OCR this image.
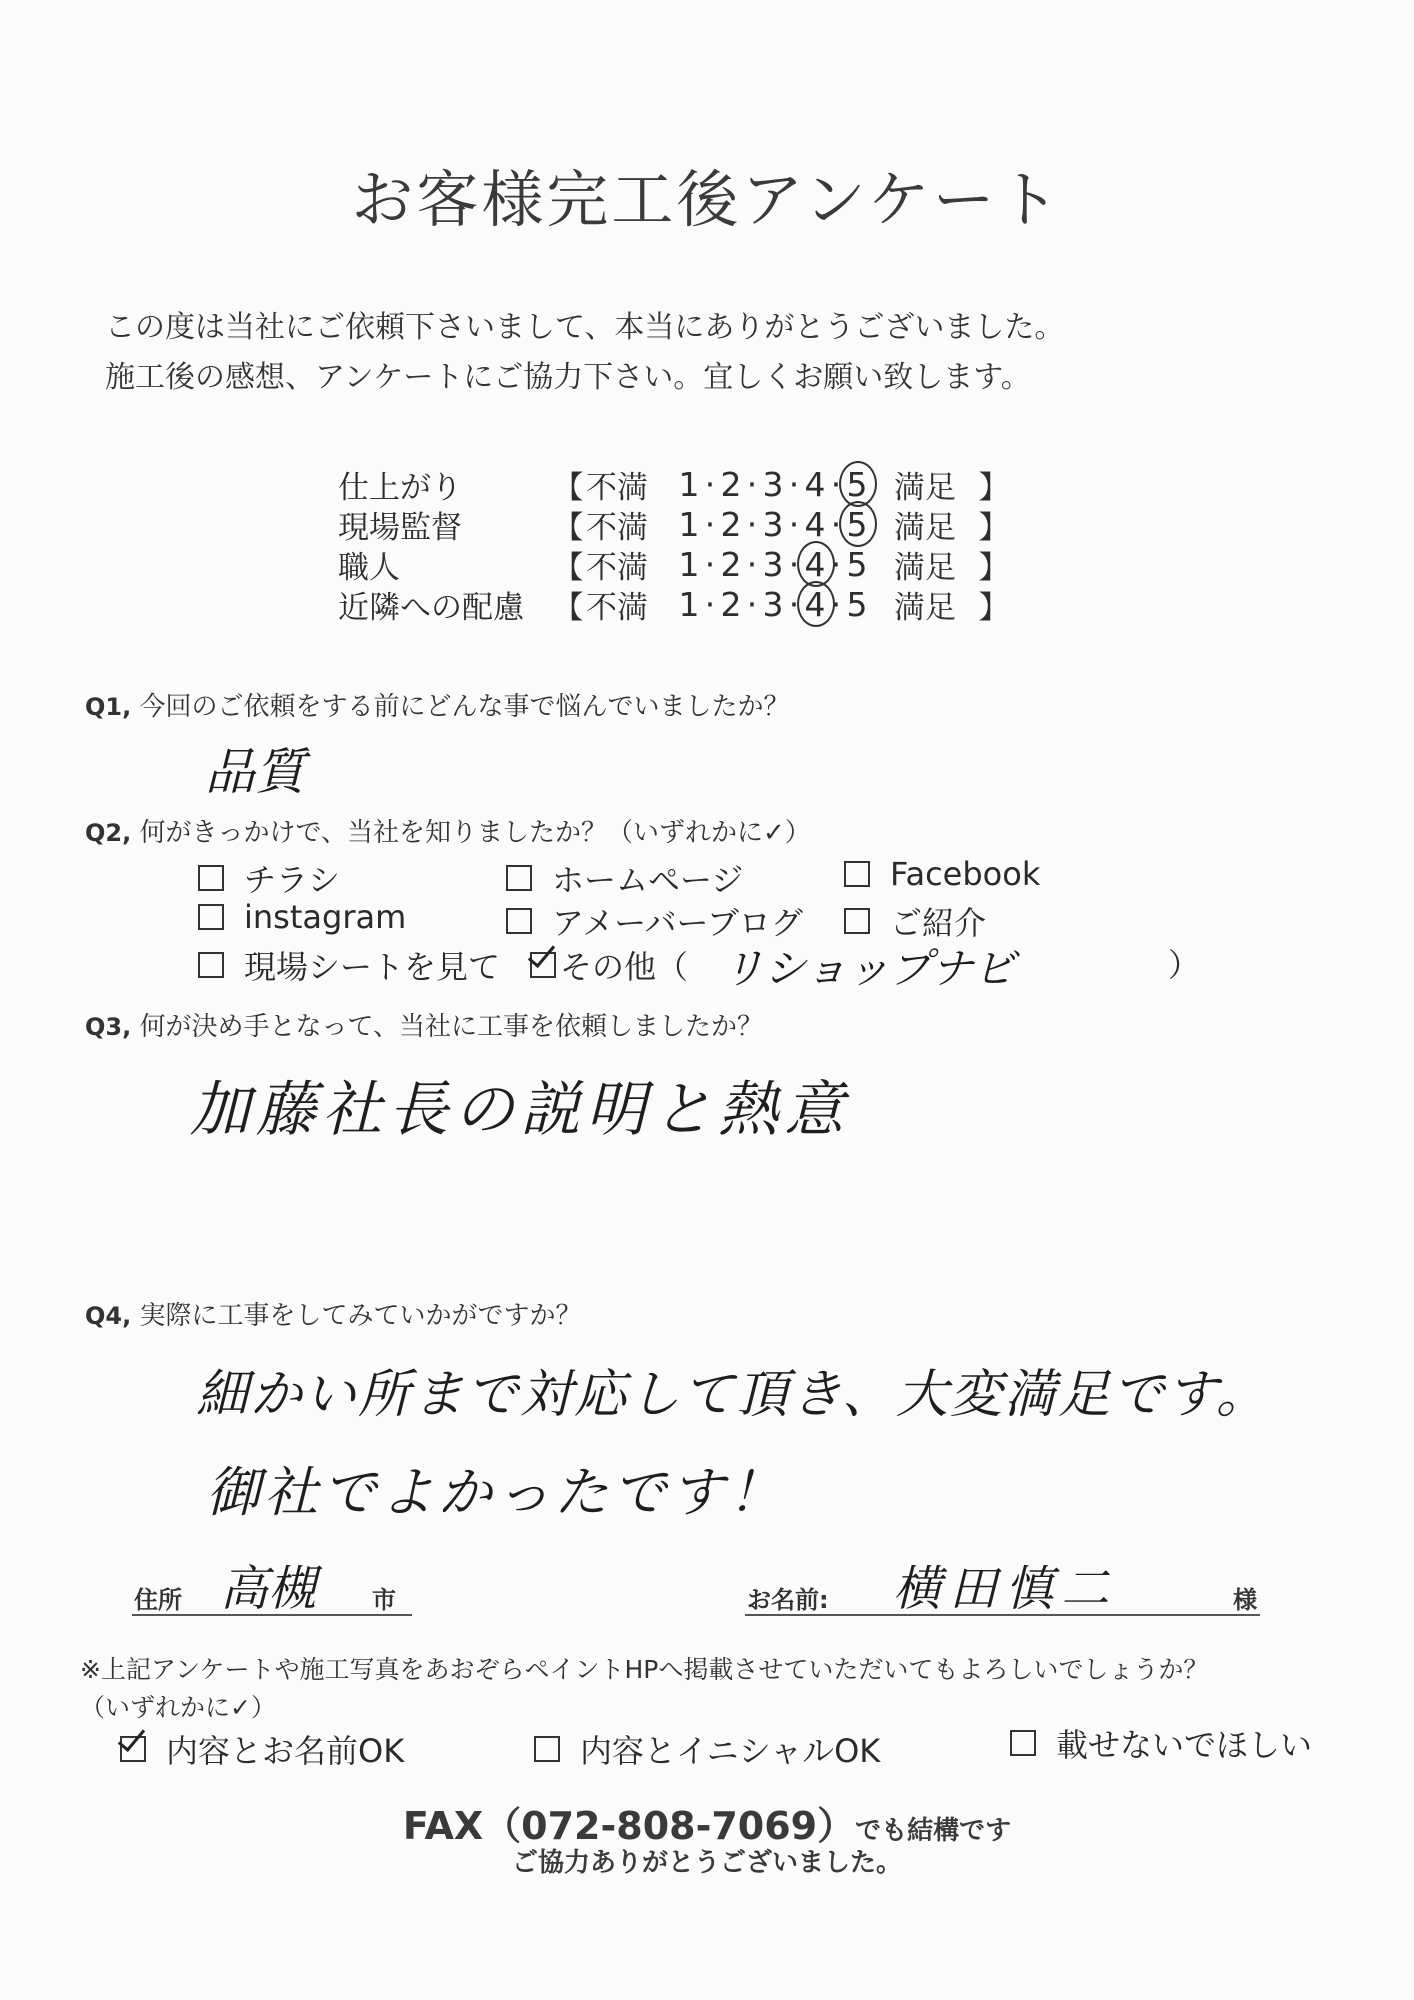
お客様完工後アンケート
この度は当社にご依頼下さいまして、本当にありがとうございました。
施工後の感想、アンケートにご協力下さい。宜しくお願い致します。
仕上がり	【 不満 1 · 2 · 3 · 4 · 5 満足 】
現場監督	【 不満 1 · 2 · 3 · 4 · 5 満足 】
職人	【 不満 1 · 2 · 3 · 4 · 5 満足 】
近隣への配慮 【 不満 1 · 2 · 3 · 4 · 5 満足 】
Q1, 今回のご依頼をする前にどんな事で悩んでいましたか？
品質
Q2, 何がきっかけで、当社を知りましたか？（いずれかに✓）
チラシ	ホームページ	Facebook
instagram	アメーバーブログ	ご紹介
現場シートを見て その他（ リショップナビ	）
Q3, 何が決め手となって、当社に工事を依頼しましたか？
加藤社長の説明と熱意
Q4, 実際に工事をしてみていかがですか？
細かい所まで対応して頂き、大変満足です。
御社でよかったです！
住所 高槻 市	お名前: 横田慎二	様
※上記アンケートや施工写真をあおぞらペイントHPへ掲載させていただいてもよろしいでしょうか？
（いずれかに✓）
内容とお名前OK	内容とイニシャルOK	載せないでほしい
FAX（072-808-7069）でも結構です
ご協力ありがとうございました。
